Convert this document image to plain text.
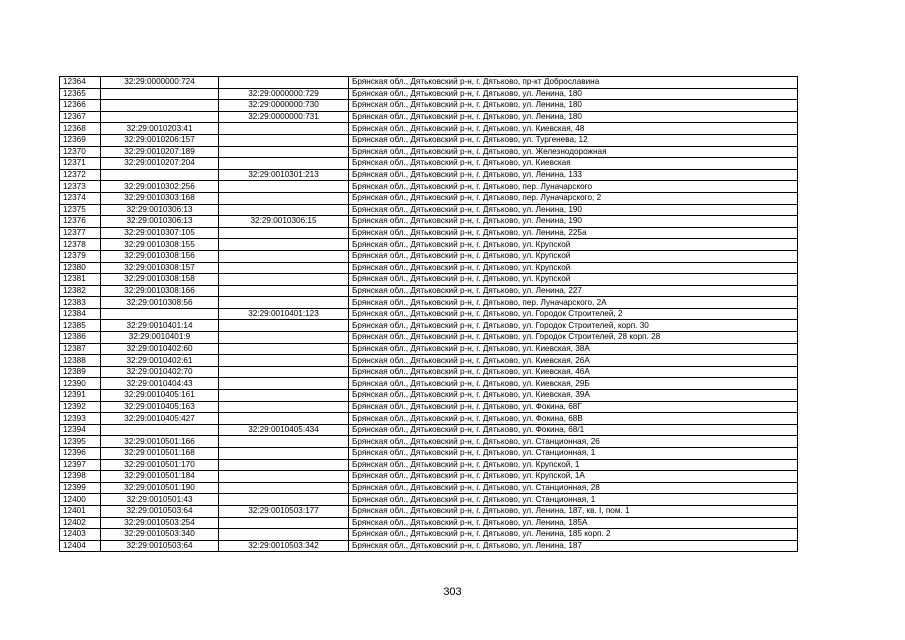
12364	32:29:0000000:724		Брянская обл., Дятьковский р-н, г. Дятьково, пр-кт Доброславина
12365		32:29:0000000:729	Брянская обл., Дятьковский р-н, г. Дятьково, ул. Ленина, 180
12366		32:29:0000000:730	Брянская обл., Дятьковский р-н, г. Дятьково, ул. Ленина, 180
12367		32:29:0000000:731	Брянская обл., Дятьковский р-н, г. Дятьково, ул. Ленина, 180
12368	32:29:0010203:41		Брянская обл., Дятьковский р-н, г. Дятьково, ул. Киевская, 48
12369	32:29:0010206:157		Брянская обл., Дятьковский р-н, г. Дятьково, ул. Тургенева, 12
12370	32:29:0010207:189		Брянская обл., Дятьковский р-н, г. Дятьково, ул. Железнодорожная
12371	32:29:0010207:204		Брянская обл., Дятьковский р-н, г. Дятьково, ул. Киевская
12372		32:29:0010301:213	Брянская обл., Дятьковский р-н, г. Дятьково, ул. Ленина, 133
12373	32:29:0010302:256		Брянская обл., Дятьковский р-н, г. Дятьково, пер. Луначарского
12374	32:29:0010303:168		Брянская обл., Дятьковский р-н, г. Дятьково, пер. Луначарского, 2
12375	32:29:0010306:13		Брянская обл., Дятьковский р-н, г. Дятьково, ул. Ленина, 190
12376	32:29:0010306:13	32:29:0010306:15	Брянская обл., Дятьковский р-н, г. Дятьково, ул. Ленина, 190
12377	32:29:0010307:105		Брянская обл., Дятьковский р-н, г. Дятьково, ул. Ленина, 225а
12378	32:29:0010308:155		Брянская обл., Дятьковский р-н, г. Дятьково, ул. Крупской
12379	32:29:0010308:156		Брянская обл., Дятьковский р-н, г. Дятьково, ул. Крупской
12380	32:29:0010308:157		Брянская обл., Дятьковский р-н, г. Дятьково, ул. Крупской
12381	32:29:0010308:158		Брянская обл., Дятьковский р-н, г. Дятьково, ул. Крупской
12382	32:29:0010308:166		Брянская обл., Дятьковский р-н, г. Дятьково, ул. Ленина, 227
12383	32:29:0010308:56		Брянская обл., Дятьковский р-н, г. Дятьково, пер. Луначарского, 2А
12384		32:29:0010401:123	Брянская обл., Дятьковский р-н, г. Дятьково, ул. Городок Строителей, 2
12385	32:29:0010401:14		Брянская обл., Дятьковский р-н, г. Дятьково, ул. Городок Строителей, корп. 30
12386	32:29:0010401:9		Брянская обл., Дятьковский р-н, г. Дятьково, ул. Городок Строителей, 28 корп. 28
12387	32:29:0010402:60		Брянская обл., Дятьковский р-н, г. Дятьково, ул. Киевская, 38А
12388	32:29:0010402:61		Брянская обл., Дятьковский р-н, г. Дятьково, ул. Киевская, 26А
12389	32:29:0010402:70		Брянская обл., Дятьковский р-н, г. Дятьково, ул. Киевская, 46А
12390	32:29:0010404:43		Брянская обл., Дятьковский р-н, г. Дятьково, ул. Киевская, 29Б
12391	32:29:0010405:161		Брянская обл., Дятьковский р-н, г. Дятьково, ул. Киевская, 39А
12392	32:29:0010405:163		Брянская обл., Дятьковский р-н, г. Дятьково, ул. Фокина, 68Г
12393	32:29:0010405:427		Брянская обл., Дятьковский р-н, г. Дятьково, ул. Фокина, 68В
12394		32:29:0010405:434	Брянская обл., Дятьковский р-н, г. Дятьково, ул. Фокина, 68/1
12395	32:29:0010501:166		Брянская обл., Дятьковский р-н, г. Дятьково, ул. Станционная, 26
12396	32:29:0010501:168		Брянская обл., Дятьковский р-н, г. Дятьково, ул. Станционная, 1
12397	32:29:0010501:170		Брянская обл., Дятьковский р-н, г. Дятьково, ул. Крупской, 1
12398	32:29:0010501:184		Брянская обл., Дятьковский р-н, г. Дятьково, ул. Крупской, 1А
12399	32:29:0010501:190		Брянская обл., Дятьковский р-н, г. Дятьково, ул. Станционная, 28
12400	32:29:0010501:43		Брянская обл., Дятьковский р-н, г. Дятьково, ул. Станционная, 1
12401	32:29:0010503:64	32:29:0010503:177	Брянская обл., Дятьковский р-н, г. Дятьково, ул. Ленина, 187, кв. I, пом. 1
12402	32:29:0010503:254		Брянская обл., Дятьковский р-н, г. Дятьково, ул. Ленина, 185А
12403	32:29:0010503:340		Брянская обл., Дятьковский р-н, г. Дятьково, ул. Ленина, 185 корп. 2
12404	32:29:0010503:64	32:29:0010503:342	Брянская обл., Дятьковский р-н, г. Дятьково, ул. Ленина, 187
303
